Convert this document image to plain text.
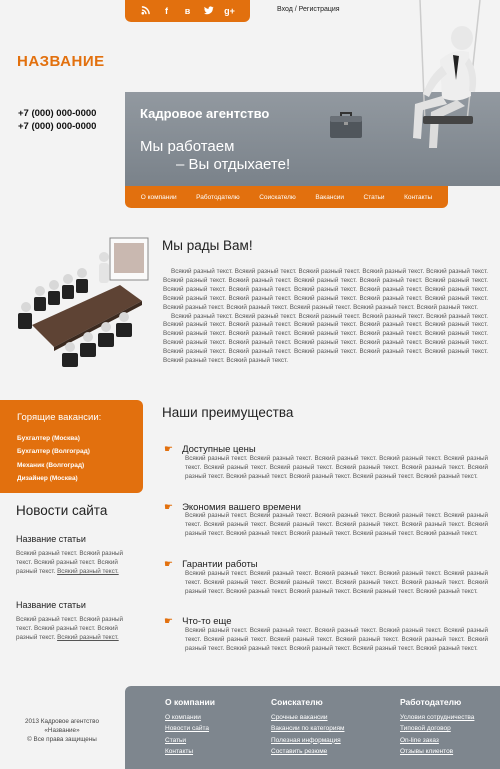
f	в	g+	Вход / Регистрация
НАЗВАНИЕ
+7 (000) 000-0000
+7 (000) 000-0000
Кадровое агентство
Мы работаем
– Вы отдыхаете!
О компании	Работодателю	Соискателю	Вакансии	Статьи	Контакты
Мы рады Вам!

Всякий разный текст. Всякий разный текст. Всякий разный текст. Всякий разный текст. Всякий разный текст. Всякий разный текст. Всякий разный текст. Всякий разный текст. Всякий разный текст. Всякий разный текст. Всякий разный текст. Всякий разный текст. Всякий разный текст. Всякий разный текст. Всякий разный текст. Всякий разный текст. Всякий разный текст. Всякий разный текст. Всякий разный текст. Всякий разный текст. Всякий разный текст. Всякий разный текст. Всякий разный текст. Всякий разный текст. Всякий разный текст.

Всякий разный текст. Всякий разный текст. Всякий разный текст. Всякий разный текст. Всякий разный текст. Всякий разный текст. Всякий разный текст. Всякий разный текст. Всякий разный текст. Всякий разный текст. Всякий разный текст. Всякий разный текст. Всякий разный текст. Всякий разный текст. Всякий разный текст. Всякий разный текст. Всякий разный текст. Всякий разный текст. Всякий разный текст. Всякий разный текст. Всякий разный текст. Всякий разный текст. Всякий разный текст. Всякий разный текст. Всякий разный текст. Всякий разный текст. Всякий разный текст.

Горящие вакансии:
Бухгалтер (Москва)
Бухгалтер (Волгоград)
Механик (Волгоград)
Дизайнер (Москва)
Новости сайта
Название статьи
Всякий разный текст. Всякий разный текст. Всякий разный текст. Всякий разный текст. Всякий разный текст.
Название статьи
Всякий разный текст. Всякий разный текст. Всякий разный текст. Всякий разный текст. Всякий разный текст.
Наши преимущества
☛ Доступные цены
Всякий разный текст. Всякий разный текст. Всякий разный текст. Всякий разный текст. Всякий разный текст. Всякий разный текст. Всякий разный текст. Всякий разный текст. Всякий разный текст. Всякий разный текст. Всякий разный текст. Всякий разный текст. Всякий разный текст. Всякий разный текст.
☛ Экономия вашего времени
Всякий разный текст. Всякий разный текст. Всякий разный текст. Всякий разный текст. Всякий разный текст. Всякий разный текст. Всякий разный текст. Всякий разный текст. Всякий разный текст. Всякий разный текст. Всякий разный текст. Всякий разный текст. Всякий разный текст. Всякий разный текст.
☛ Гарантии работы
Всякий разный текст. Всякий разный текст. Всякий разный текст. Всякий разный текст. Всякий разный текст. Всякий разный текст. Всякий разный текст. Всякий разный текст. Всякий разный текст. Всякий разный текст. Всякий разный текст. Всякий разный текст. Всякий разный текст. Всякий разный текст.
☛ Что-то еще
Всякий разный текст. Всякий разный текст. Всякий разный текст. Всякий разный текст. Всякий разный текст. Всякий разный текст. Всякий разный текст. Всякий разный текст. Всякий разный текст. Всякий разный текст. Всякий разный текст. Всякий разный текст. Всякий разный текст. Всякий разный текст.
2013 Кадровое агентство «Название»
© Все права защищены
О компании
О компании
Новости сайта
Статьи
Контакты
Соискателю
Срочные вакансии
Вакансии по категориям
Полезная информация
Составить резюме
Работодателю
Условия сотрудничества
Типовой договор
On-line заказ
Отзывы клиентов
